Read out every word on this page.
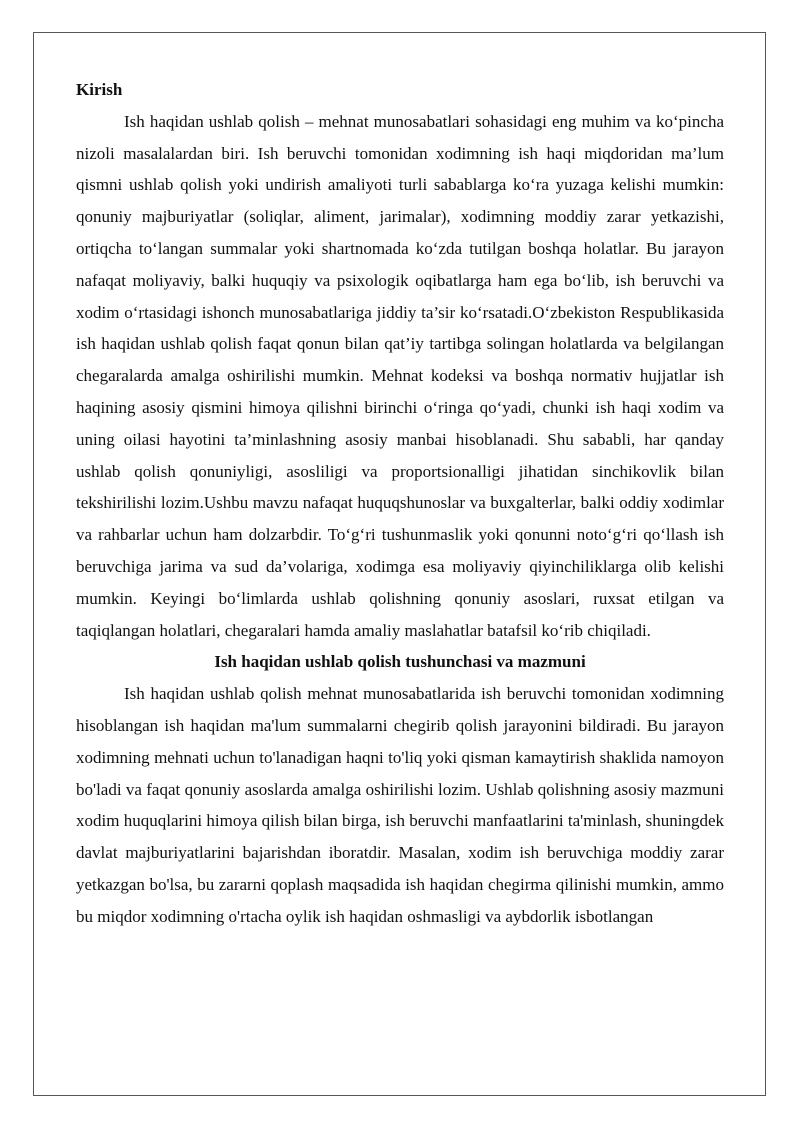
Kirish

Ish haqidan ushlab qolish – mehnat munosabatlari sohasidagi eng muhim va ko‘pincha nizoli masalalardan biri. Ish beruvchi tomonidan xodimning ish haqi miqdoridan ma’lum qismni ushlab qolish yoki undirish amaliyoti turli sabablarga ko‘ra yuzaga kelishi mumkin: qonuniy majburiyatlar (soliqlar, aliment, jarimalar), xodimning moddiy zarar yetkazishi, ortiqcha to‘langan summalar yoki shartnomada ko‘zda tutilgan boshqa holatlar. Bu jarayon nafaqat moliyaviy, balki huquqiy va psixologik oqibatlarga ham ega bo‘lib, ish beruvchi va xodim o‘rtasidagi ishonch munosabatlariga jiddiy ta’sir ko‘rsatadi.O‘zbekiston Respublikasida ish haqidan ushlab qolish faqat qonun bilan qat’iy tartibga solingan holatlarda va belgilangan chegaralarda amalga oshirilishi mumkin. Mehnat kodeksi va boshqa normativ hujjatlar ish haqining asosiy qismini himoya qilishni birinchi o‘ringa qo‘yadi, chunki ish haqi xodim va uning oilasi hayotini ta’minlashning asosiy manbai hisoblanadi. Shu sababli, har qanday ushlab qolish qonuniyligi, asosliligi va proportsionalligi jihatidan sinchikovlik bilan tekshirilishi lozim.Ushbu mavzu nafaqat huquqshunoslar va buxgalterlar, balki oddiy xodimlar va rahbarlar uchun ham dolzarbdir. To‘g‘ri tushunmaslik yoki qonunni noto‘g‘ri qo‘llash ish beruvchiga jarima va sud da’volariga, xodimga esa moliyaviy qiyinchiliklarga olib kelishi mumkin. Keyingi bo‘limlarda ushlab qolishning qonuniy asoslari, ruxsat etilgan va taqiqlangan holatlari, chegaralari hamda amaliy maslahatlar batafsil ko‘rib chiqiladi.

Ish haqidan ushlab qolish tushunchasi va mazmuni

Ish haqidan ushlab qolish mehnat munosabatlarida ish beruvchi tomonidan xodimning hisoblangan ish haqidan ma'lum summalarni chegirib qolish jarayonini bildiradi. Bu jarayon xodimning mehnati uchun to'lanadigan haqni to'liq yoki qisman kamaytirish shaklida namoyon bo'ladi va faqat qonuniy asoslarda amalga oshirilishi lozim. Ushlab qolishning asosiy mazmuni xodim huquqlarini himoya qilish bilan birga, ish beruvchi manfaatlarini ta'minlash, shuningdek davlat majburiyatlarini bajarishdan iboratdir. Masalan, xodim ish beruvchiga moddiy zarar yetkazgan bo'lsa, bu zararni qoplash maqsadida ish haqidan chegirma qilinishi mumkin, ammo bu miqdor xodimning o'rtacha oylik ish haqidan oshmasligi va aybdorlik isbotlangan
